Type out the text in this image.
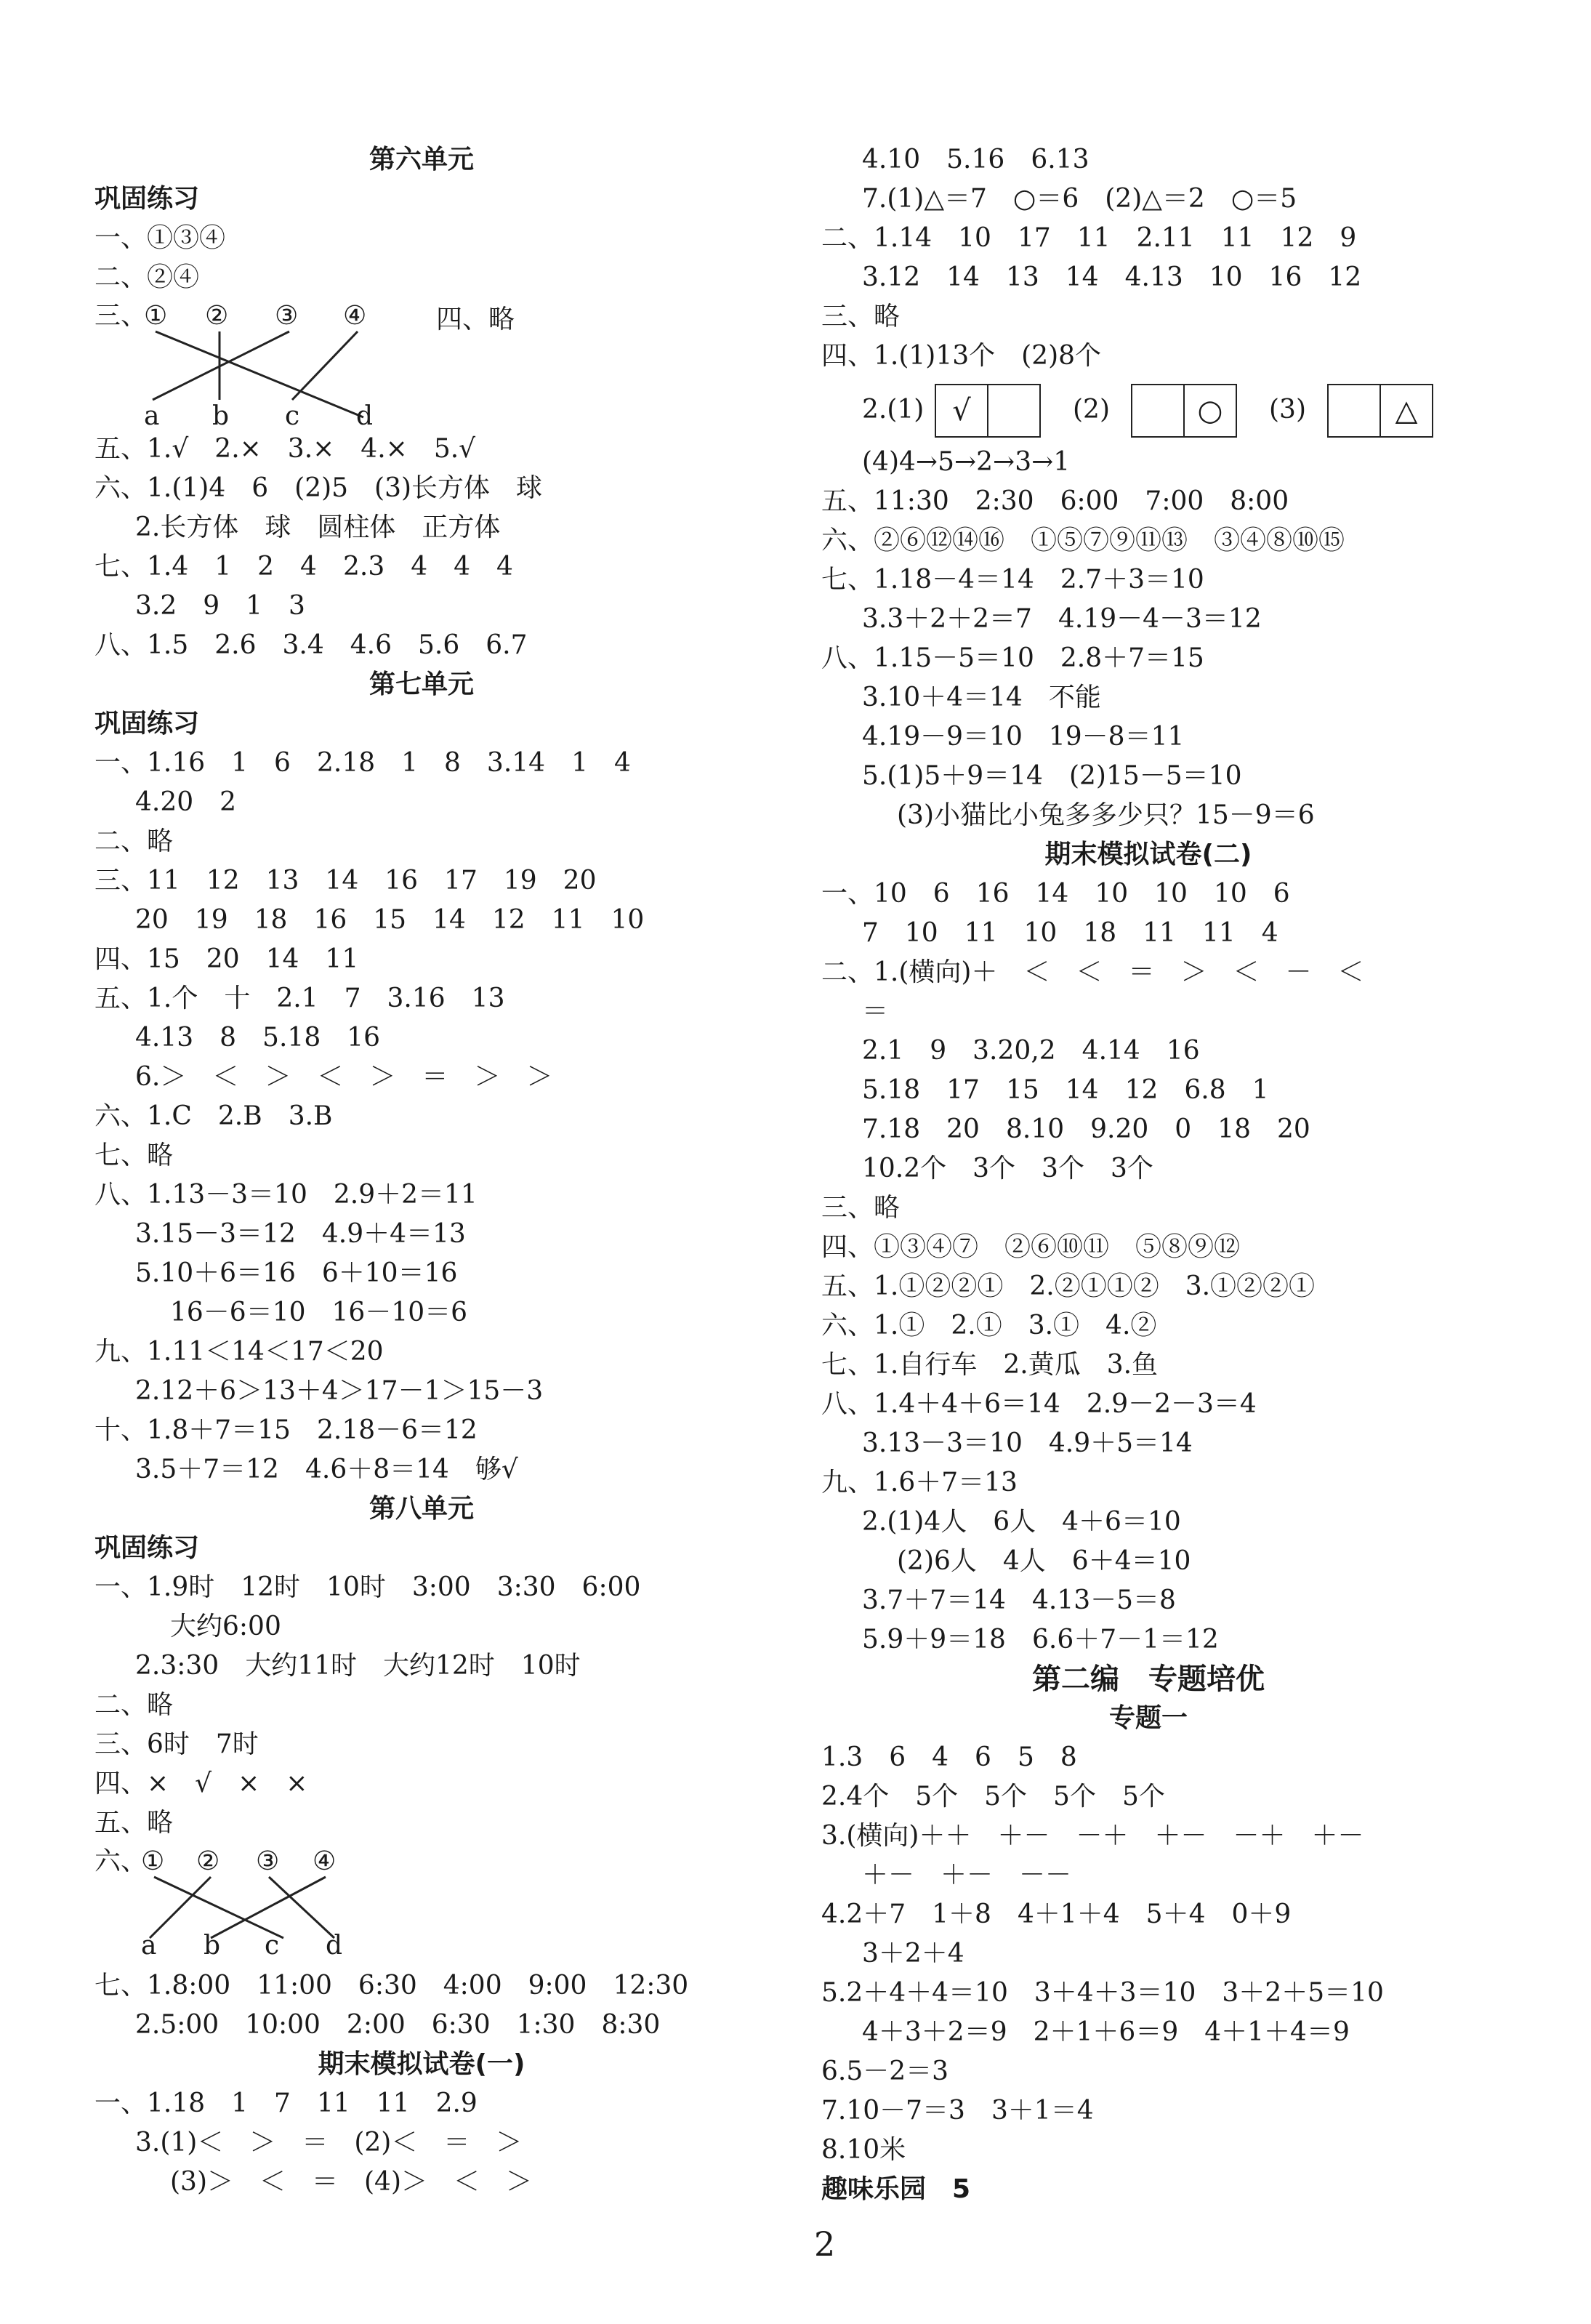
第六单元
巩固练习
一、①③④
二、②④
三、
① ② ③ ④
a b c d
四、略
五、1.√　2.×　3.×　4.×　5.√
六、1.(1)4　6　(2)5　(3)长方体　球
2.长方体　球　圆柱体　正方体
七、1.4　1　2　4　2.3　4　4　4
3.2　9　1　3
八、1.5　2.6　3.4　4.6　5.6　6.7
第七单元
巩固练习
一、1.16　1　6　2.18　1　8　3.14　1　4
4.20　2
二、略
三、11　12　13　14　16　17　19　20
20　19　18　16　15　14　12　11　10
四、15　20　14　11
五、1.个　十　2.1　7　3.16　13
4.13　8　5.18　16
6.＞　＜　＞　＜　＞　＝　＞　＞
六、1.C　2.B　3.B
七、略
八、1.13－3＝10　2.9＋2＝11
3.15－3＝12　4.9＋4＝13
5.10＋6＝16　6＋10＝16
16－6＝10　16－10＝6
九、1.11＜14＜17＜20
2.12＋6＞13＋4＞17－1＞15－3
十、1.8＋7＝15　2.18－6＝12
3.5＋7＝12　4.6＋8＝14　够√
第八单元
巩固练习
一、1.9时　12时　10时　3:00　3:30　6:00
大约6:00
2.3:30　大约11时　大约12时　10时
二、略
三、6时　7时
四、×　√　×　×
五、略
六、
① ② ③ ④
a b c d
七、1.8:00　11:00　6:30　4:00　9:00　12:30
2.5:00　10:00　2:00　6:30　1:30　8:30
期末模拟试卷(一)
一、1.18　1　7　11　11　2.9
3.(1)＜　＞　＝　(2)＜　＝　＞
(3)＞　＜　＝　(4)＞　＜　＞
4.10　5.16　6.13
7.(1)△＝7　○＝6　(2)△＝2　○＝5
二、1.14　10　17　11　2.11　11　12　9
3.12　14　13　14　4.13　10　16　12
三、略
四、1.(1)13个　(2)8个
2.(1) √	(2)	○	(3)	△
(4)4→5→2→3→1
五、11:30　2:30　6:00　7:00　8:00
六、②⑥⑫⑭⑯　①⑤⑦⑨⑪⑬　③④⑧⑩⑮
七、1.18－4＝14　2.7＋3＝10
3.3＋2＋2＝7　4.19－4－3＝12
八、1.15－5＝10　2.8＋7＝15
3.10＋4＝14　不能
4.19－9＝10　19－8＝11
5.(1)5＋9＝14　(2)15－5＝10
(3)小猫比小兔多多少只？15－9＝6
期末模拟试卷(二)
一、10　6　16　14　10　10　10　6
7　10　11　10　18　11　11　4
二、1.(横向)＋　＜　＜　＝　＞　＜　－　＜
＝
2.1　9　3.20,2　4.14　16
5.18　17　15　14　12　6.8　1
7.18　20　8.10　9.20　0　18　20
10.2个　3个　3个　3个
三、略
四、①③④⑦　②⑥⑩⑪　⑤⑧⑨⑫
五、1.①②②①　2.②①①②　3.①②②①
六、1.①　2.①　3.①　4.②
七、1.自行车　2.黄瓜　3.鱼
八、1.4＋4＋6＝14　2.9－2－3＝4
3.13－3＝10　4.9＋5＝14
九、1.6＋7＝13
2.(1)4人　6人　4＋6＝10
(2)6人　4人　6＋4＝10
3.7＋7＝14　4.13－5＝8
5.9＋9＝18　6.6＋7－1＝12
第二编　专题培优
专题一
1.3　6　4　6　5　8
2.4个　5个　5个　5个　5个
3.(横向)＋＋　＋－　－＋　＋－　－＋　＋－
＋－　＋－　－－
4.2＋7　1＋8　4＋1＋4　5＋4　0＋9
3＋2＋4
5.2＋4＋4＝10　3＋4＋3＝10　3＋2＋5＝10
4＋3＋2＝9　2＋1＋6＝9　4＋1＋4＝9
6.5－2＝3
7.10－7＝3　3＋1＝4
8.10米
趣味乐园　5
2
